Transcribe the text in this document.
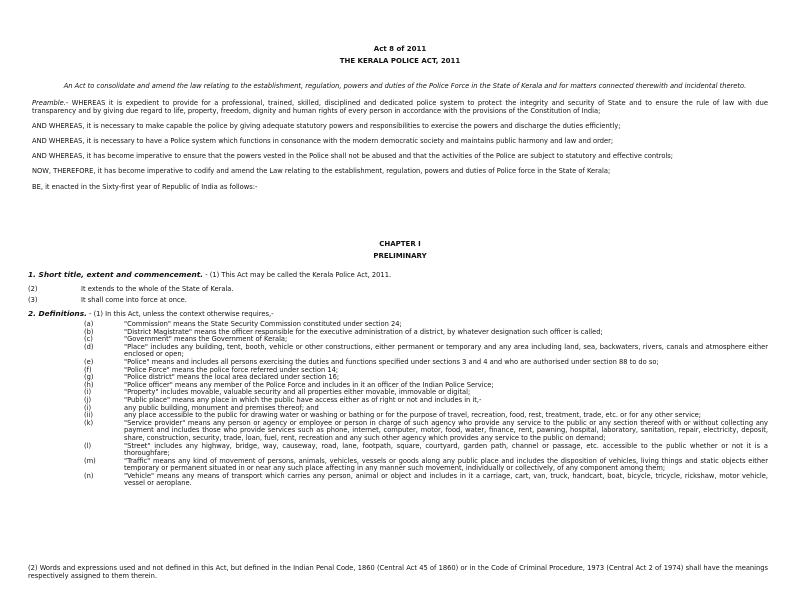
Act 8 of 2011
THE KERALA POLICE ACT, 2011
An Act to consolidate and amend the law relating to the establishment, regulation, powers and duties of the Police Force in the State of Kerala and for matters connected therewith and incidental thereto.

Preamble.- WHEREAS it is expedient to provide for a professional, trained, skilled, disciplined and dedicated police system to protect the integrity and security of State and to ensure the rule of law with due transparency and by giving due regard to life, property, freedom, dignity and human rights of every person in accordance with the provisions of the Constitution of India;

AND WHEREAS, it is necessary to make capable the police by giving adequate statutory powers and responsibilities to exercise the powers and discharge the duties efficiently;

AND WHEREAS, it is necessary to have a Police system which functions in consonance with the modern democratic society and maintains public harmony and law and order;

AND WHEREAS, it has become imperative to ensure that the powers vested in the Police shall not be abused and that the activities of the Police are subject to statutory and effective controls;

NOW, THEREFORE, it has become imperative to codify and amend the Law relating to the establishment, regulation, powers and duties of Police force in the State of Kerala;

BE, it enacted in the Sixty-first year of Republic of India as follows:-

CHAPTER I
PRELIMINARY
1. Short title, extent and commencement. - (1) This Act may be called the Kerala Police Act, 2011.
(2)	It extends to the whole of the State of Kerala.
(3)	It shall come into force at once.
2. Definitions. - (1) In this Act, unless the context otherwise requires,-
(a)	"Commission" means the State Security Commission constituted under section 24;
(b)	"District Magistrate" means the officer responsible for the executive administration of a district, by whatever designation such officer is called;
(c)	"Government" means the Government of Kerala;
(d)	"Place" includes any building, tent, booth, vehicle or other constructions, either permanent or temporary and any area including land, sea, backwaters, rivers, canals and atmosphere either enclosed or open;
(e)	"Police" means and includes all persons exercising the duties and functions specified under sections 3 and 4 and who are authorised under section 88 to do so;
(f)	"Police Force" means the police force referred under section 14;
(g)	"Police district" means the local area declared under section 16;
(h)	"Police officer" means any member of the Police Force and includes in it an officer of the Indian Police Service;
(i)	"Property" includes movable, valuable security and all properties either movable, immovable or digital;
(j)	"Public place" means any place in which the public have access either as of right or not and includes in it,-
(i)	any public building, monument and premises thereof; and
(ii)	any place accessible to the public for drawing water or washing or bathing or for the purpose of travel, recreation, food, rest, treatment, trade, etc. or for any other service;
(k)	"Service provider" means any person or agency or employee or person in charge of such agency who provide any service to the public or any section thereof with or without collecting any payment and includes those who provide services such as phone, internet, computer, motor, food, water, finance, rent, pawning, hospital, laboratory, sanitation, repair, electricity, deposit, share, construction, security, trade, loan, fuel, rent, recreation and any such other agency which provides any service to the public on demand;
(l)	"Street" includes any highway, bridge, way, causeway, road, lane, footpath, square, courtyard, garden path, channel or passage, etc. accessible to the public whether or not it is a thoroughfare;
(m)	"Traffic" means any kind of movement of persons, animals, vehicles, vessels or goods along any public place and includes the disposition of vehicles, living things and static objects either temporary or permanent situated in or near any such place affecting in any manner such movement, individually or collectively, of any component among them;
(n)	"Vehicle" means any means of transport which carries any person, animal or object and includes in it a carriage, cart, van, truck, handcart, boat, bicycle, tricycle, rickshaw, motor vehicle, vessel or aeroplane.
(2) Words and expressions used and not defined in this Act, but defined in the Indian Penal Code, 1860 (Central Act 45 of 1860) or in the Code of Criminal Procedure, 1973 (Central Act 2 of 1974) shall have the meanings respectively assigned to them therein.
